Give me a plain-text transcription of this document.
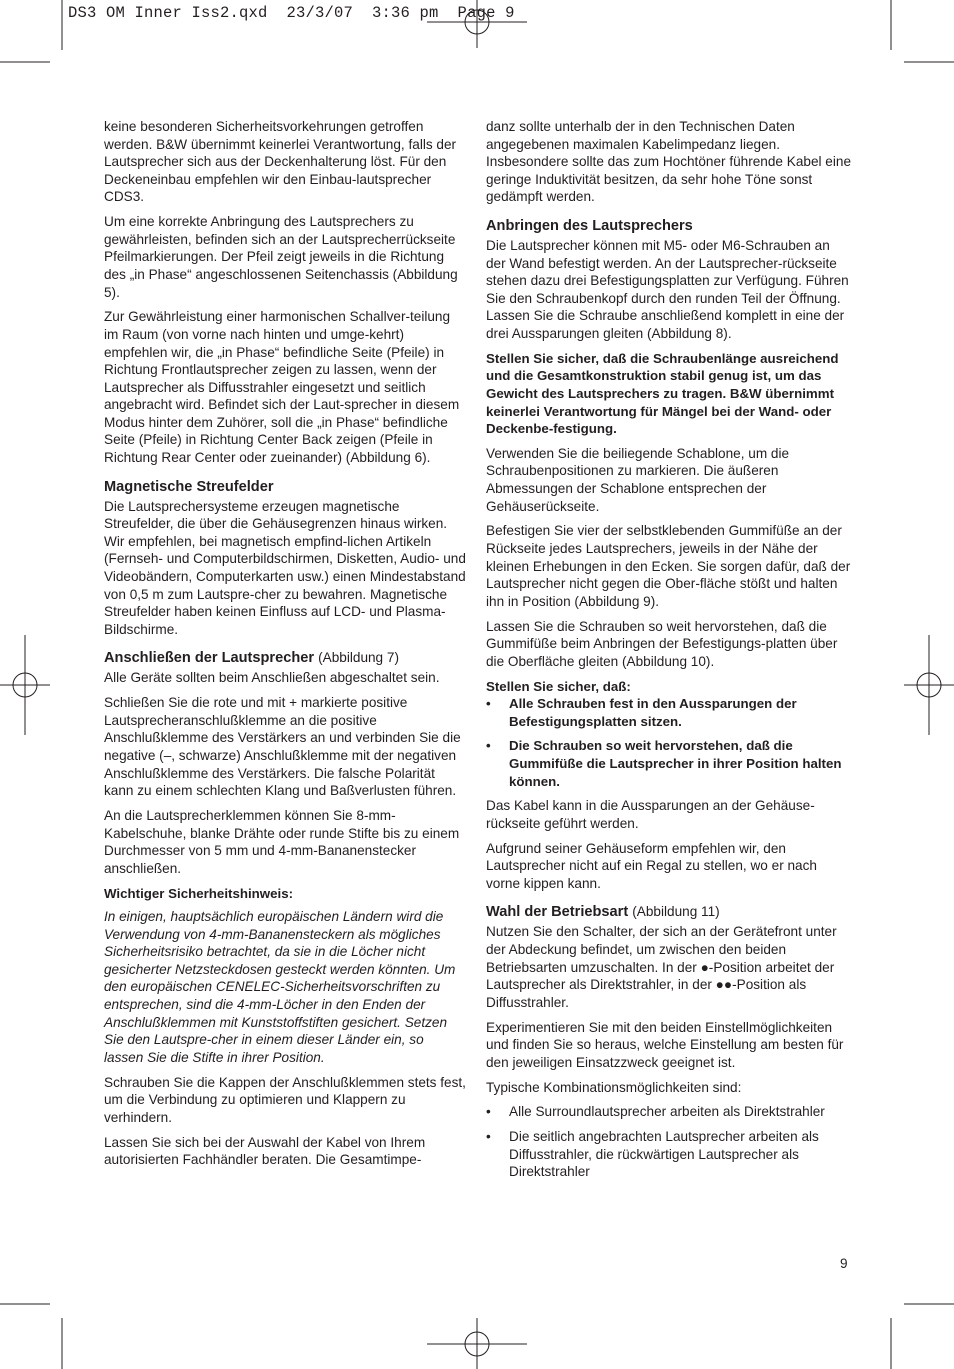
DS3 OM Inner Iss2.qxd  23/3/07  3:36 pm  Page 9

keine besonderen Sicherheitsvorkehrungen getroffen werden. B&W übernimmt keinerlei Verantwortung, falls der Lautsprecher sich aus der Deckenhalterung löst. Für den Deckeneinbau empfehlen wir den Einbau-lautsprecher CDS3.

Um eine korrekte Anbringung des Lautsprechers zu gewährleisten, befinden sich an der Lautsprecherrückseite Pfeilmarkierungen. Der Pfeil zeigt jeweils in die Richtung des „in Phase“ angeschlossenen Seitenchassis (Abbildung 5).

Zur Gewährleistung einer harmonischen Schallver-teilung im Raum (von vorne nach hinten und umge-kehrt) empfehlen wir, die „in Phase“ befindliche Seite (Pfeile) in Richtung Frontlautsprecher zeigen zu lassen, wenn der Lautsprecher als Diffusstrahler eingesetzt und seitlich angebracht wird. Befindet sich der Laut-sprecher in diesem Modus hinter dem Zuhörer, soll die „in Phase“ befindliche Seite (Pfeile) in Richtung Center Back zeigen (Pfeile in Richtung Rear Center oder zueinander) (Abbildung 6).

Magnetische Streufelder

Die Lautsprechersysteme erzeugen magnetische Streufelder, die über die Gehäusegrenzen hinaus wirken. Wir empfehlen, bei magnetisch empfind-lichen Artikeln (Fernseh- und Computerbildschirmen, Disketten, Audio- und Videobändern, Computerkarten usw.) einen Mindestabstand von 0,5 m zum Lautspre-cher zu bewahren. Magnetische Streufelder haben keinen Einfluss auf LCD- und Plasma-Bildschirme.

Anschließen der Lautsprecher (Abbildung 7)

Alle Geräte sollten beim Anschließen abgeschaltet sein.

Schließen Sie die rote und mit + markierte positive Lautsprecheranschlußklemme an die positive Anschlußklemme des Verstärkers an und verbinden Sie die negative (–, schwarze) Anschlußklemme mit der negativen Anschlußklemme des Verstärkers. Die falsche Polarität kann zu einem schlechten Klang und Baßverlusten führen.

An die Lautsprecherklemmen können Sie 8-mm-Kabelschuhe, blanke Drähte oder runde Stifte bis zu einem Durchmesser von 5 mm und 4-mm-Bananenstecker anschließen.

Wichtiger Sicherheitshinweis:

In einigen, hauptsächlich europäischen Ländern wird die Verwendung von 4-mm-Bananensteckern als mögliches Sicherheitsrisiko betrachtet, da sie in die Löcher nicht gesicherter Netzsteckdosen gesteckt werden könnten. Um den europäischen CENELEC-Sicherheitsvorschriften zu entsprechen, sind die 4-mm-Löcher in den Enden der Anschlußklemmen mit Kunststoffstiften gesichert. Setzen Sie den Lautspre-cher in einem dieser Länder ein, so lassen Sie die Stifte in ihrer Position.

Schrauben Sie die Kappen der Anschlußklemmen stets fest, um die Verbindung zu optimieren und Klappern zu verhindern.

Lassen Sie sich bei der Auswahl der Kabel von Ihrem autorisierten Fachhändler beraten. Die Gesamtimpe-

danz sollte unterhalb der in den Technischen Daten angegebenen maximalen Kabelimpedanz liegen. Insbesondere sollte das zum Hochtöner führende Kabel eine geringe Induktivität besitzen, da sehr hohe Töne sonst gedämpft werden.

Anbringen des Lautsprechers

Die Lautsprecher können mit M5- oder M6-Schrauben an der Wand befestigt werden. An der Lautsprecher-rückseite stehen dazu drei Befestigungsplatten zur Verfügung. Führen Sie den Schraubenkopf durch den runden Teil der Öffnung. Lassen Sie die Schraube anschließend komplett in eine der drei Aussparungen gleiten (Abbildung 8).

Stellen Sie sicher, daß die Schraubenlänge ausreichend und die Gesamtkonstruktion stabil genug ist, um das Gewicht des Lautsprechers zu tragen. B&W übernimmt keinerlei Verantwortung für Mängel bei der Wand- oder Deckenbe-festigung.

Verwenden Sie die beiliegende Schablone, um die Schraubenpositionen zu markieren. Die äußeren Abmessungen der Schablone entsprechen der Gehäuserückseite.

Befestigen Sie vier der selbstklebenden Gummifüße an der Rückseite jedes Lautsprechers, jeweils in der Nähe der kleinen Erhebungen in den Ecken. Sie sorgen dafür, daß der Lautsprecher nicht gegen die Ober-fläche stößt und halten ihn in Position (Abbildung 9).

Lassen Sie die Schrauben so weit hervorstehen, daß die Gummifüße beim Anbringen der Befestigungs-platten über die Oberfläche gleiten (Abbildung 10).

Stellen Sie sicher, daß:
• Alle Schrauben fest in den Aussparungen der Befestigungsplatten sitzen.
• Die Schrauben so weit hervorstehen, daß die Gummifüße die Lautsprecher in ihrer Position halten können.

Das Kabel kann in die Aussparungen an der Gehäuse-rückseite geführt werden.

Aufgrund seiner Gehäuseform empfehlen wir, den Lautsprecher nicht auf ein Regal zu stellen, wo er nach vorne kippen kann.

Wahl der Betriebsart (Abbildung 11)

Nutzen Sie den Schalter, der sich an der Gerätefront unter der Abdeckung befindet, um zwischen den beiden Betriebsarten umzuschalten. In der ●-Position arbeitet der Lautsprecher als Direktstrahler, in der ●●-Position als Diffusstrahler.

Experimentieren Sie mit den beiden Einstellmöglichkeiten und finden Sie so heraus, welche Einstellung am besten für den jeweiligen Einsatzzweck geeignet ist.

Typische Kombinationsmöglichkeiten sind:

• Alle Surroundlautsprecher arbeiten als Direktstrahler
• Die seitlich angebrachten Lautsprecher arbeiten als Diffusstrahler, die rückwärtigen Lautsprecher als Direktstrahler
9
